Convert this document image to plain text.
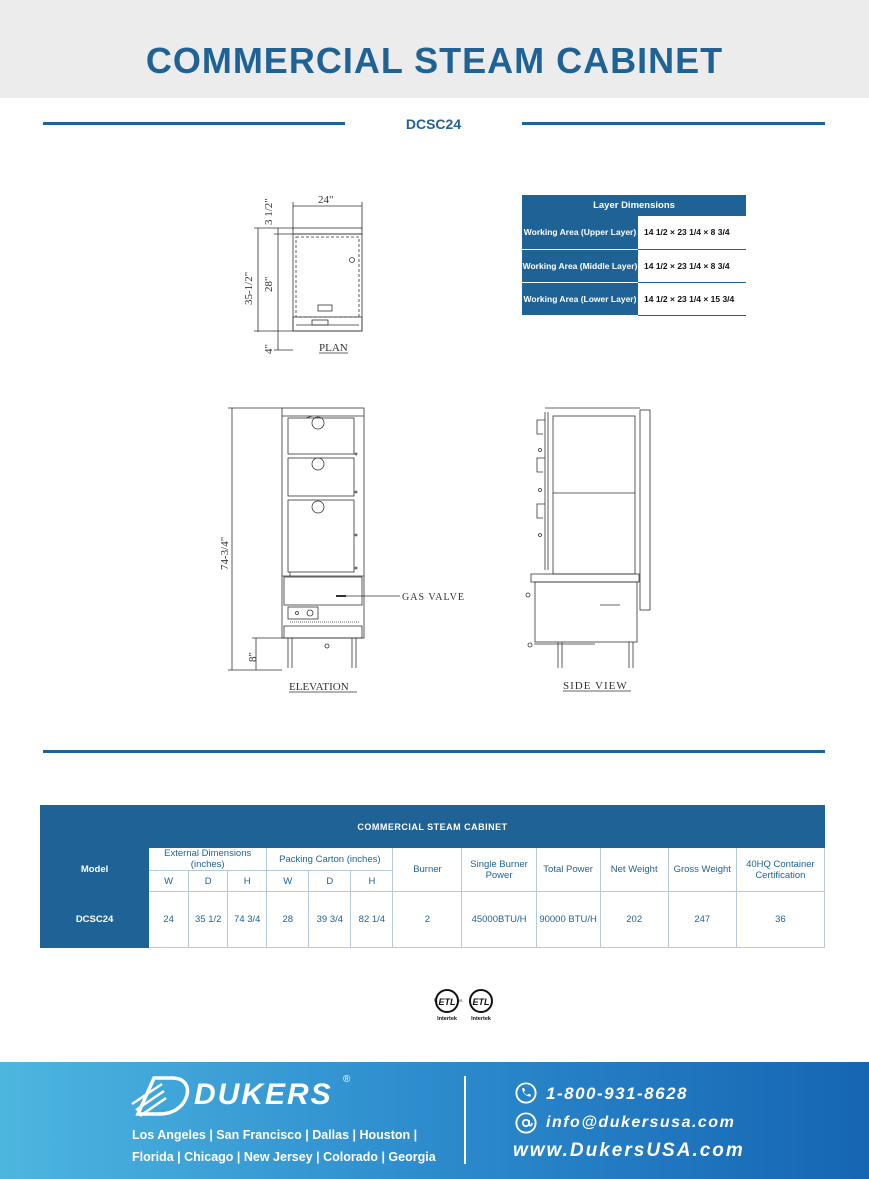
COMMERCIAL STEAM CABINET
DCSC24
24"
3 1/2"
28"
35-1/2"
4"	PLAN
74-3/4"
8"
GAS VALVE
ELEVATION	SIDE VIEW
Layer Dimensions	
Working Area (Upper Layer)	14 1/2 × 23 1/4 × 8 3/4
Working Area (Middle Layer)	14 1/2 × 23 1/4 × 8 3/4
Working Area (Lower Layer)	14 1/2 × 23 1/4 × 15 3/4
COMMERCIAL STEAM CABINET												
Model	External Dimensions (inches)			Packing Carton (inches)			Burner	Single Burner Power	Total Power	Net Weight	Gross Weight	40HQ Container Certification
	W	D	H	W	D	H						
DCSC24	24	35 1/2	74 3/4	28	39 3/4	82 1/4	2	45000BTU/H	90000 BTU/H	202	247	36
ETL
C	US
Intertek
ETL
Intertek
DUKERS ®
Los Angeles | San Francisco | Dallas | Houston |
Florida | Chicago | New Jersey | Colorado | Georgia
1-800-931-8628
info@dukersusa.com
www.DukersUSA.com
